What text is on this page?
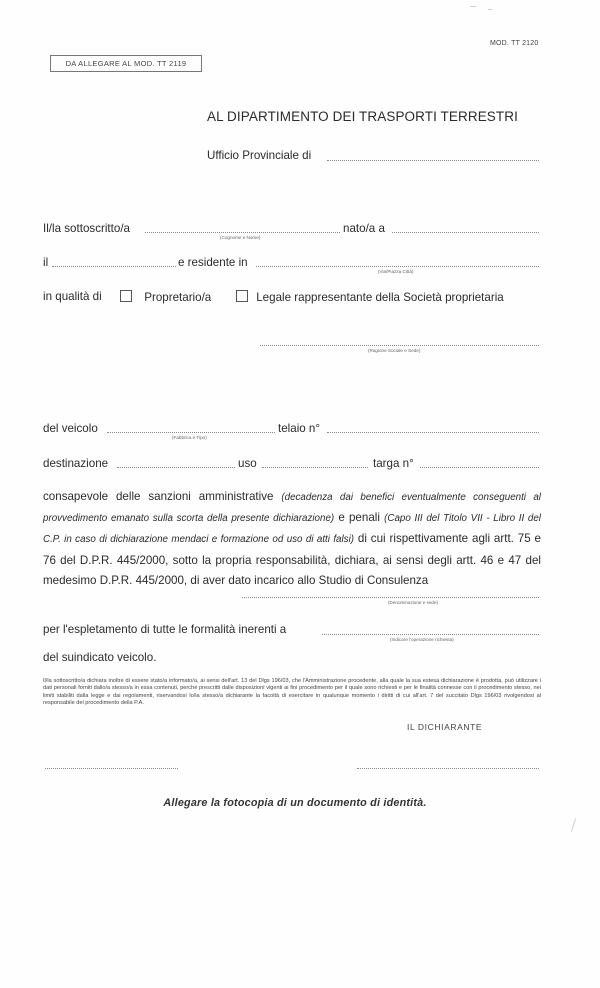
MOD. TT 2120
DA ALLEGARE AL MOD. TT 2119
AL DIPARTIMENTO DEI TRASPORTI TERRESTRI
Ufficio Provinciale di
Il/la sottoscritto/a
(Cognome e Nome)
nato/a a
il	e residente in
(Via/Piazza Città)
in qualità di	Propretario/a	Legale rappresentante della Società proprietaria
(Ragione Sociale e Sede)
del veicolo
(Fabbrica e Tipo)
telaio n°
destinazione	uso	targa n°
consapevole delle sanzioni amministrative (decadenza dai benefici eventualmente conseguenti al provvedimento emanato sulla scorta della presente dichiarazione) e penali (Capo III del Titolo VII - Libro II del C.P. in caso di dichiarazione mendaci e formazione od uso di atti falsi) di cui rispettivamente agli artt. 75 e 76 del D.P.R. 445/2000, sotto la propria responsabilità, dichiara, ai sensi degli artt. 46 e 47 del medesimo D.P.R. 445/2000, di aver dato incarico allo Studio di Consulenza
(Denominazione e sede)
per l'espletamento di tutte le formalità inerenti a
(Indicare l'operazione richiesta)
del suindicato veicolo.
Il/la sottoscritto/a dichiara inoltre di essere stato/a informato/a, ai sensi dell'art. 13 del Dlgs 196/03, che l'Amministrazione procedente, alla quale la sua estesa dichiarazione è prodotta, può utilizzare i dati personali forniti dallo/a stesso/a in essa contenuti, perché prescritti dalle disposizioni vigenti ai fini procedimento per il quale sono richiesti e per le finalità connesse con il procedimento stesso, nei limiti stabiliti dalla legge e dai regolamenti, riservandosi lo/la stesso/a dichiarante la facoltà di esercitare in qualunque momento i diritti di cui all'art. 7 del succitato Dlgs 196/03 rivolgendosi al responsabile del procedimento della P.A.
IL DICHIARANTE
Allegare la fotocopia di un documento di identità.
